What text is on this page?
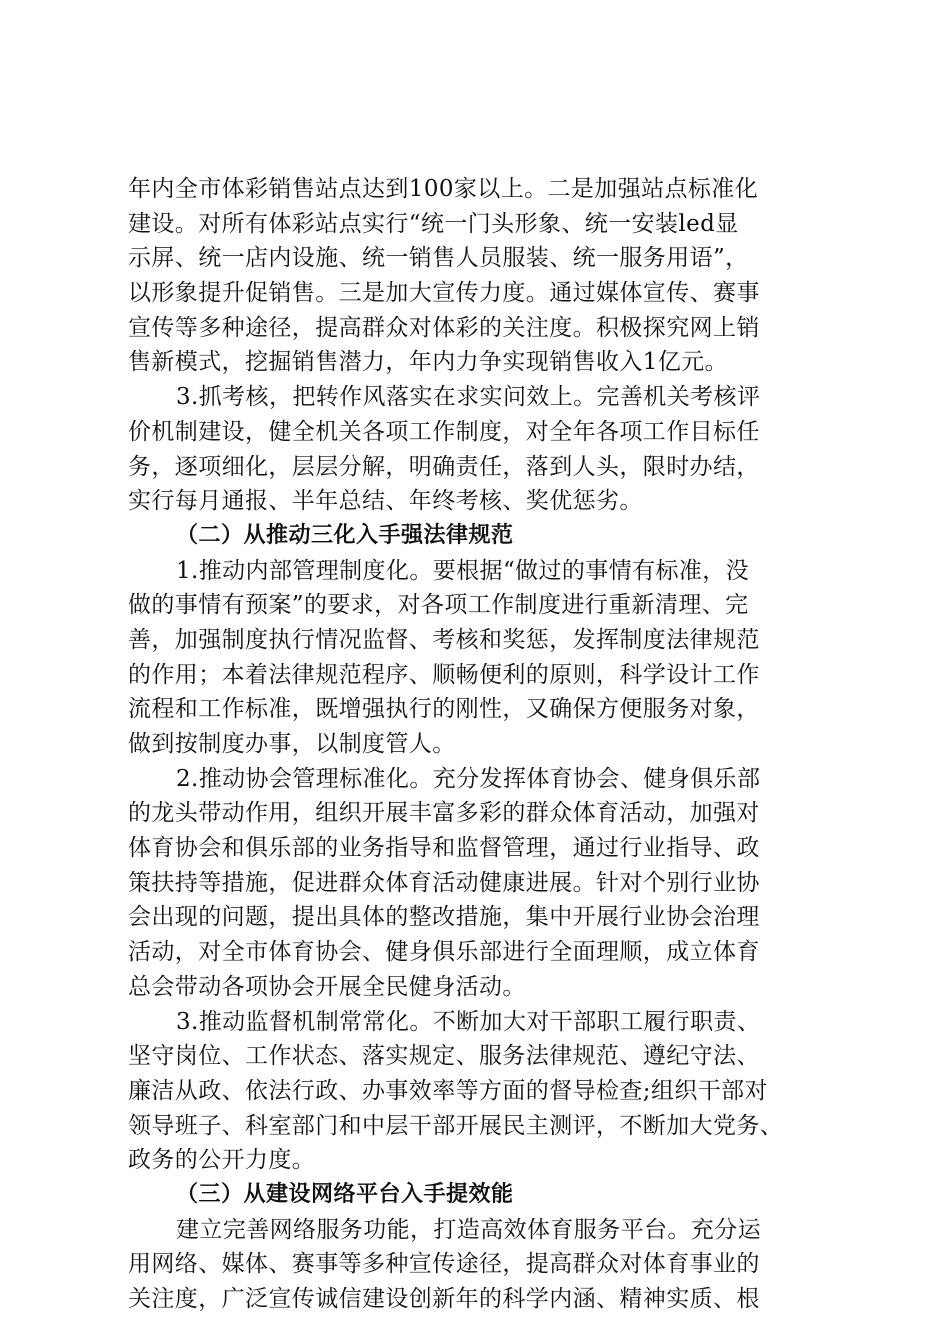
年内全市体彩销售站点达到100家以上。二是加强站点标准化
建设。对所有体彩站点实行“统一门头形象、统一安装led显
示屏、统一店内设施、统一销售人员服装、统一服务用语”，
以形象提升促销售。三是加大宣传力度。通过媒体宣传、赛事
宣传等多种途径，提高群众对体彩的关注度。积极探究网上销
售新模式，挖掘销售潜力，年内力争实现销售收入1亿元。
3.抓考核，把转作风落实在求实问效上。完善机关考核评
价机制建设，健全机关各项工作制度，对全年各项工作目标任
务，逐项细化，层层分解，明确责任，落到人头，限时办结，
实行每月通报、半年总结、年终考核、奖优惩劣。
（二）从推动三化入手强法律规范
1.推动内部管理制度化。要根据“做过的事情有标准，没
做的事情有预案”的要求，对各项工作制度进行重新清理、完
善，加强制度执行情况监督、考核和奖惩，发挥制度法律规范
的作用；本着法律规范程序、顺畅便利的原则，科学设计工作
流程和工作标准，既增强执行的刚性，又确保方便服务对象，
做到按制度办事，以制度管人。
2.推动协会管理标准化。充分发挥体育协会、健身俱乐部
的龙头带动作用，组织开展丰富多彩的群众体育活动，加强对
体育协会和俱乐部的业务指导和监督管理，通过行业指导、政
策扶持等措施，促进群众体育活动健康进展。针对个别行业协
会出现的问题，提出具体的整改措施，集中开展行业协会治理
活动，对全市体育协会、健身俱乐部进行全面理顺，成立体育
总会带动各项协会开展全民健身活动。
3.推动监督机制常常化。不断加大对干部职工履行职责、
坚守岗位、工作状态、落实规定、服务法律规范、遵纪守法、
廉洁从政、依法行政、办事效率等方面的督导检查;组织干部对
领导班子、科室部门和中层干部开展民主测评，不断加大党务、
政务的公开力度。
（三）从建设网络平台入手提效能
建立完善网络服务功能，打造高效体育服务平台。充分运
用网络、媒体、赛事等多种宣传途径，提高群众对体育事业的
关注度，广泛宣传诚信建设创新年的科学内涵、精神实质、根
